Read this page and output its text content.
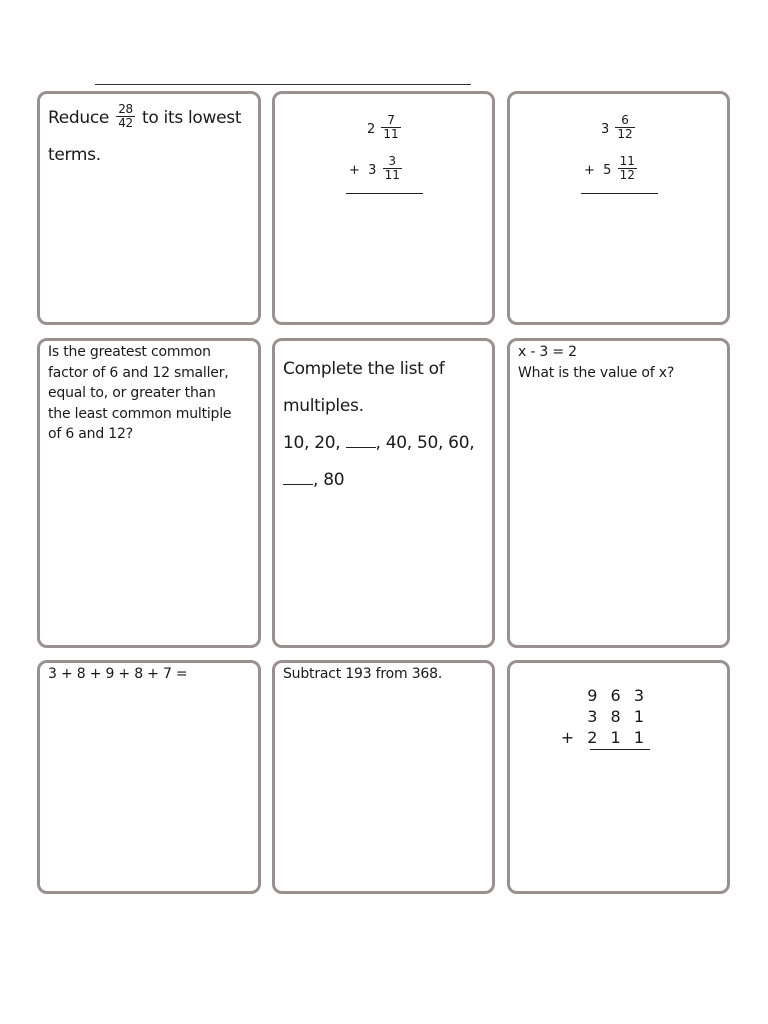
Reduce $\frac{28}{42}$ to its lowest
terms.
$2 \frac{7}{11}$
+ $3 \frac{3}{11}$
$3 \frac{6}{12}$
+ $5 \frac{11}{12}$
Is the greatest common
factor of 6 and 12 smaller,
equal to, or greater than
the least common multiple
of 6 and 12?
Complete the list of
multiples.
10, 20, , 40, 50, 60,
, 80
x - 3 = 2
What is the value of x?
3 + 8 + 9 + 8 + 7 =	Subtract 193 from 368.
9 6 3
3 8 1
+ 2 1 1
